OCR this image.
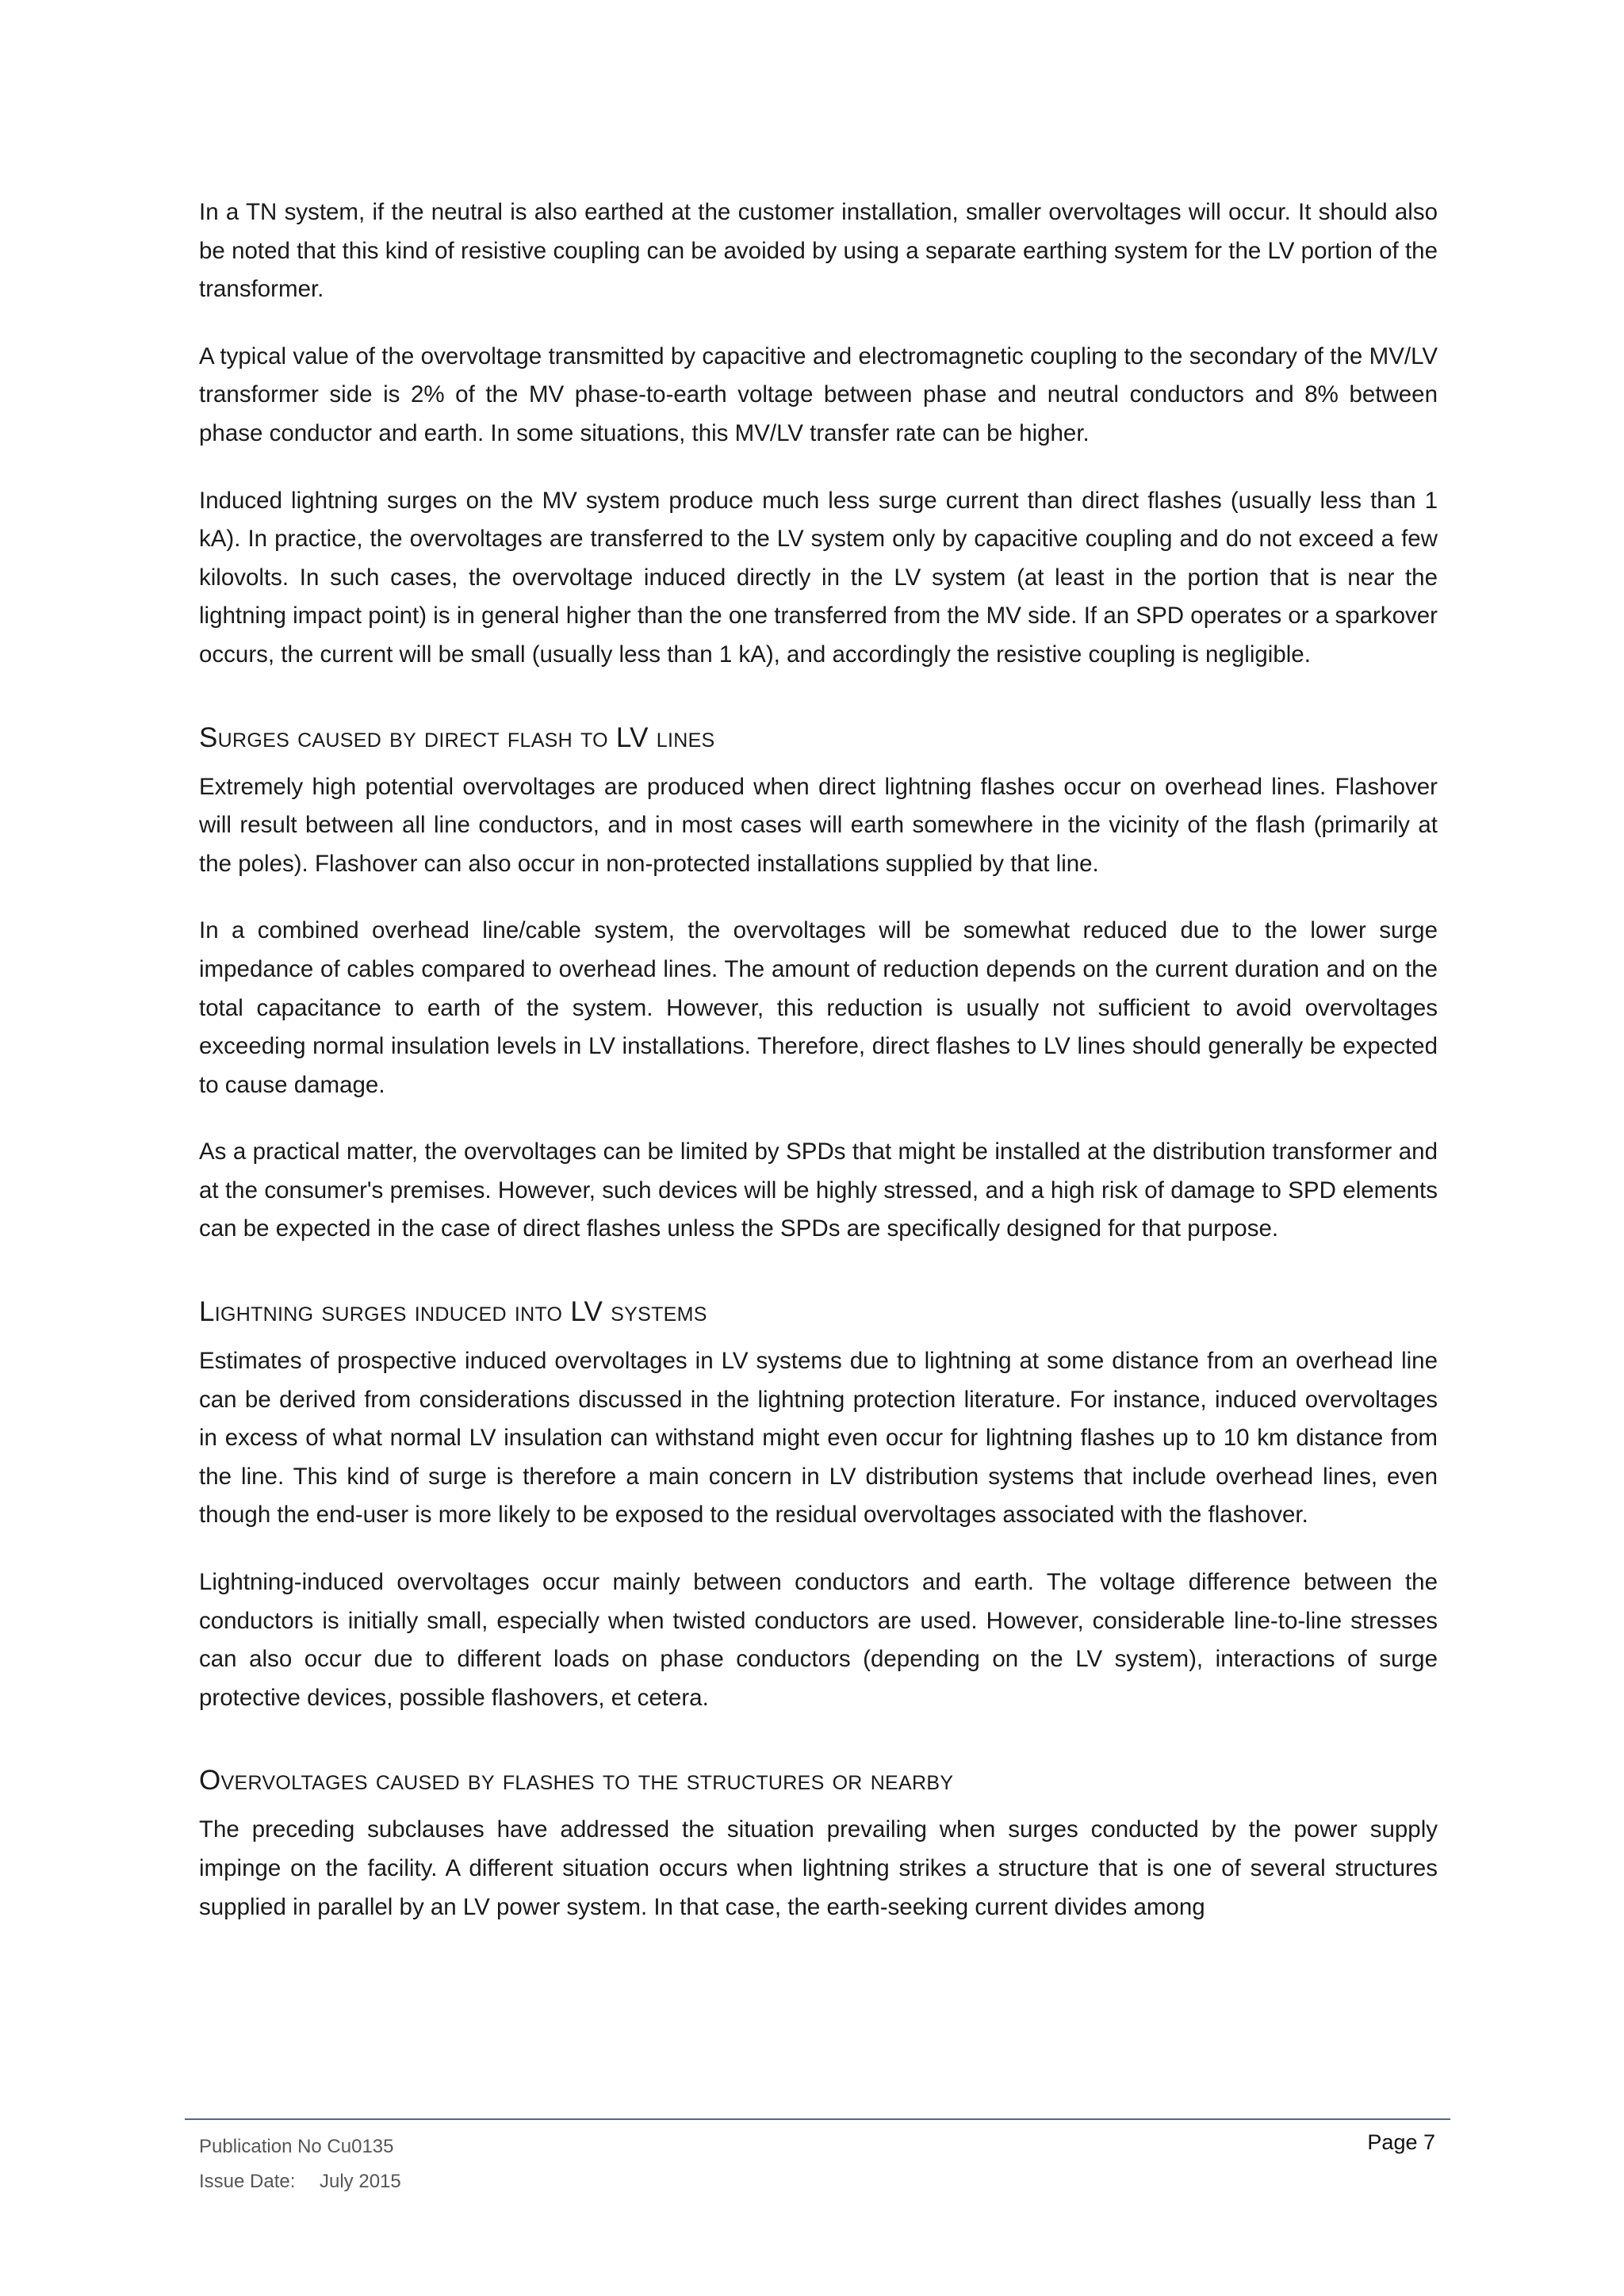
In a TN system, if the neutral is also earthed at the customer installation, smaller overvoltages will occur. It should also be noted that this kind of resistive coupling can be avoided by using a separate earthing system for the LV portion of the transformer.

A typical value of the overvoltage transmitted by capacitive and electromagnetic coupling to the secondary of the MV/LV transformer side is 2% of the MV phase-to-earth voltage between phase and neutral conductors and 8% between phase conductor and earth. In some situations, this MV/LV transfer rate can be higher.

Induced lightning surges on the MV system produce much less surge current than direct flashes (usually less than 1 kA). In practice, the overvoltages are transferred to the LV system only by capacitive coupling and do not exceed a few kilovolts. In such cases, the overvoltage induced directly in the LV system (at least in the portion that is near the lightning impact point) is in general higher than the one transferred from the MV side. If an SPD operates or a sparkover occurs, the current will be small (usually less than 1 kA), and accordingly the resistive coupling is negligible.

Surges caused by direct flash to LV lines

Extremely high potential overvoltages are produced when direct lightning flashes occur on overhead lines. Flashover will result between all line conductors, and in most cases will earth somewhere in the vicinity of the flash (primarily at the poles). Flashover can also occur in non-protected installations supplied by that line.

In a combined overhead line/cable system, the overvoltages will be somewhat reduced due to the lower surge impedance of cables compared to overhead lines. The amount of reduction depends on the current duration and on the total capacitance to earth of the system. However, this reduction is usually not sufficient to avoid overvoltages exceeding normal insulation levels in LV installations. Therefore, direct flashes to LV lines should generally be expected to cause damage.

As a practical matter, the overvoltages can be limited by SPDs that might be installed at the distribution transformer and at the consumer's premises. However, such devices will be highly stressed, and a high risk of damage to SPD elements can be expected in the case of direct flashes unless the SPDs are specifically designed for that purpose.

Lightning surges induced into LV systems

Estimates of prospective induced overvoltages in LV systems due to lightning at some distance from an overhead line can be derived from considerations discussed in the lightning protection literature. For instance, induced overvoltages in excess of what normal LV insulation can withstand might even occur for lightning flashes up to 10 km distance from the line. This kind of surge is therefore a main concern in LV distribution systems that include overhead lines, even though the end-user is more likely to be exposed to the residual overvoltages associated with the flashover.

Lightning-induced overvoltages occur mainly between conductors and earth. The voltage difference between the conductors is initially small, especially when twisted conductors are used. However, considerable line-to-line stresses can also occur due to different loads on phase conductors (depending on the LV system), interactions of surge protective devices, possible flashovers, et cetera.

Overvoltages caused by flashes to the structures or nearby

The preceding subclauses have addressed the situation prevailing when surges conducted by the power supply impinge on the facility. A different situation occurs when lightning strikes a structure that is one of several structures supplied in parallel by an LV power system. In that case, the earth-seeking current divides among

Publication No Cu0135
Issue Date: July 2015
Page 7
